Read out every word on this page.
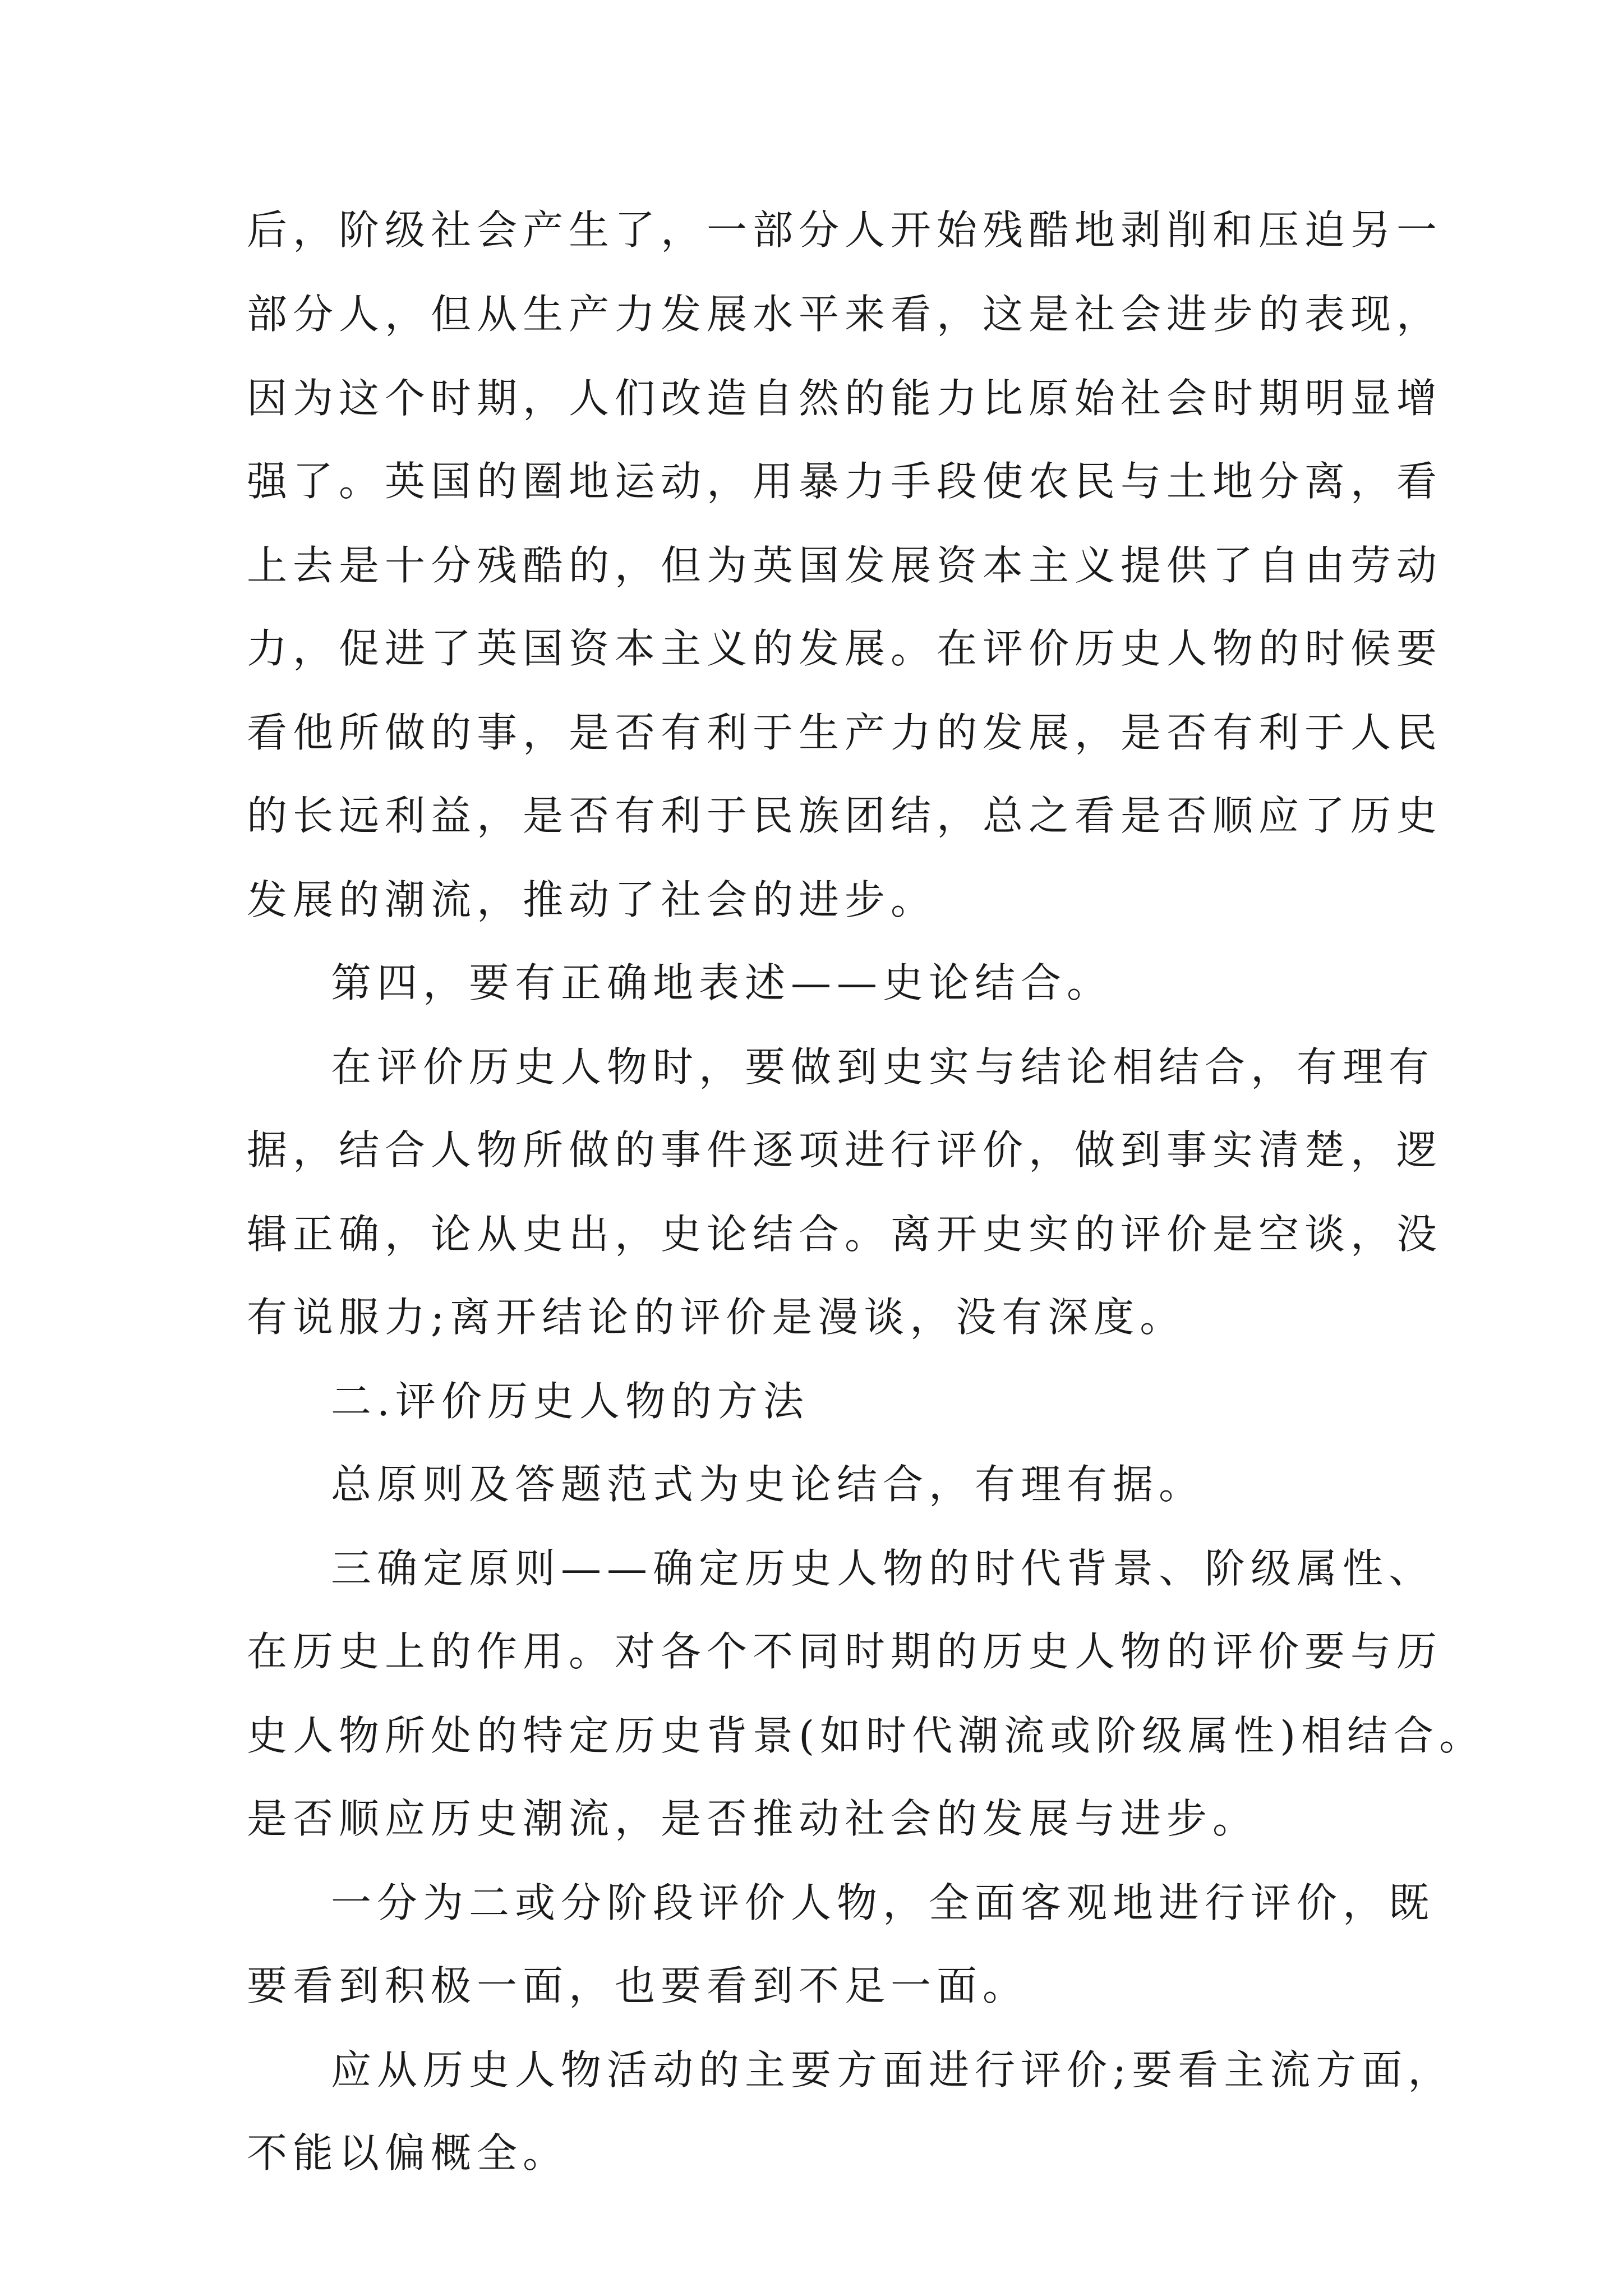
后，阶级社会产生了，一部分人开始残酷地剥削和压迫另一
部分人，但从生产力发展水平来看，这是社会进步的表现，
因为这个时期，人们改造自然的能力比原始社会时期明显增
强了。英国的圈地运动，用暴力手段使农民与土地分离，看
上去是十分残酷的，但为英国发展资本主义提供了自由劳动
力，促进了英国资本主义的发展。在评价历史人物的时候要
看他所做的事，是否有利于生产力的发展，是否有利于人民
的长远利益，是否有利于民族团结，总之看是否顺应了历史
发展的潮流，推动了社会的进步。
第四，要有正确地表述——史论结合。
在评价历史人物时，要做到史实与结论相结合，有理有
据，结合人物所做的事件逐项进行评价，做到事实清楚，逻
辑正确，论从史出，史论结合。离开史实的评价是空谈，没
有说服力;离开结论的评价是漫谈，没有深度。
二.评价历史人物的方法
总原则及答题范式为史论结合，有理有据。
三确定原则——确定历史人物的时代背景、阶级属性、
在历史上的作用。对各个不同时期的历史人物的评价要与历
史人物所处的特定历史背景(如时代潮流或阶级属性)相结合。
是否顺应历史潮流，是否推动社会的发展与进步。
一分为二或分阶段评价人物，全面客观地进行评价，既
要看到积极一面，也要看到不足一面。
应从历史人物活动的主要方面进行评价;要看主流方面，
不能以偏概全。
